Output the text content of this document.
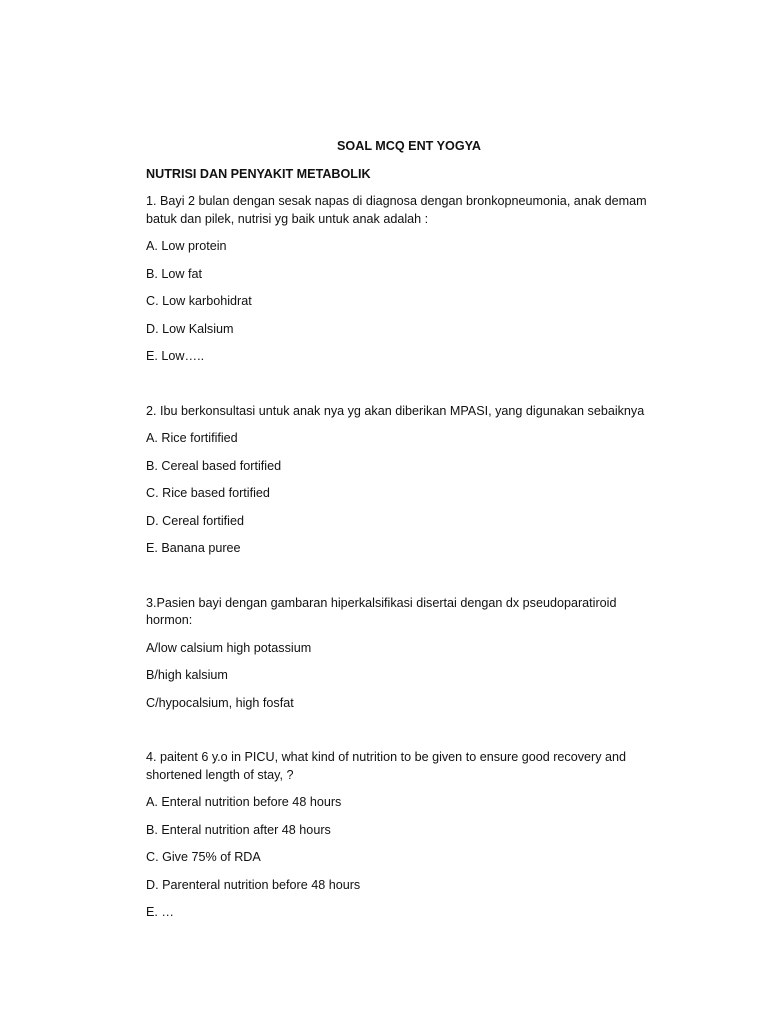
SOAL MCQ ENT YOGYA
NUTRISI DAN PENYAKIT METABOLIK
1. Bayi 2 bulan dengan sesak napas di diagnosa dengan bronkopneumonia, anak demam batuk dan pilek, nutrisi yg baik untuk anak adalah :
A. Low protein
B. Low fat
C. Low karbohidrat
D. Low Kalsium
E. Low…..
2. Ibu berkonsultasi untuk anak nya yg akan diberikan MPASI, yang digunakan sebaiknya
A. Rice fortifified
B. Cereal based fortified
C. Rice based fortified
D. Cereal fortified
E. Banana puree
3.Pasien bayi dengan gambaran hiperkalsifikasi disertai dengan dx pseudoparatiroid hormon:
A/low calsium high potassium
B/high kalsium
C/hypocalsium, high fosfat
4. paitent 6 y.o in PICU, what kind of nutrition to be given to ensure good recovery and shortened length of stay, ?
A. Enteral nutrition before 48 hours
B. Enteral nutrition after 48 hours
C. Give 75% of RDA
D. Parenteral nutrition before 48 hours
E. …
